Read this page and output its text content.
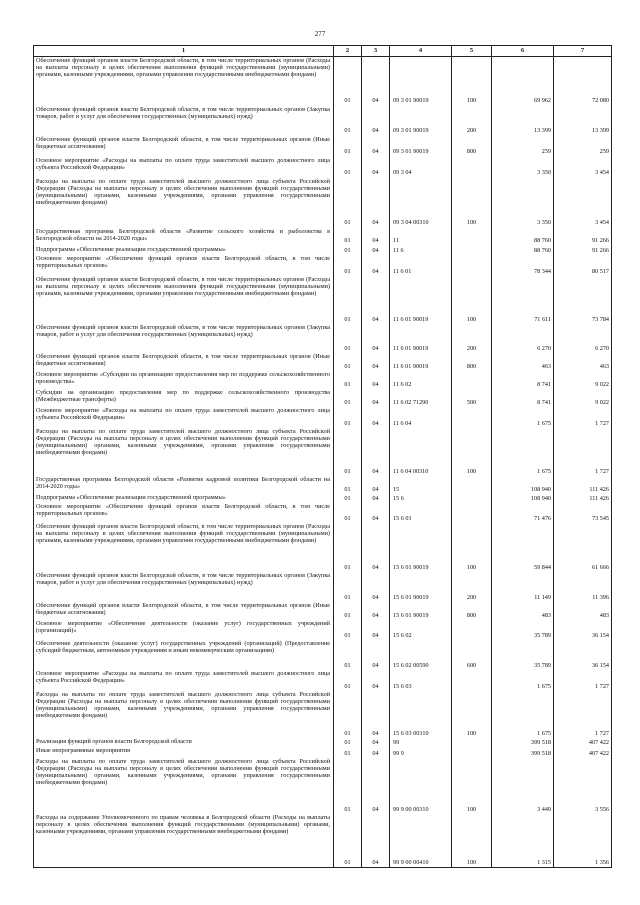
277
1	2	3	4	5	6	7
Обеспечение функций органов власти Белгородской области, в том числе территориальных органов (Расходы на выплаты персоналу в целях обеспечения выполнения функций государственными (муниципальными) органами, казенными учреждениями, органами управления государственными внебюджетными фондами)	01	04	09 3 01 90019	100	69 962	72 080
Обеспечение функций органов власти Белгородской области, в том числе территориальных органов (Закупка товаров, работ и услуг для обеспечения государственных (муниципальных) нужд)	01	04	09 3 01 90019	200	13 399	13 399
Обеспечение функций органов власти Белгородской области, в том числе территориальных органов (Иные бюджетные ассигнования)	01	04	09 3 01 90019	800	259	259
Основное мероприятие «Расходы на выплаты по оплате труда заместителей высшего должностного лица субъекта Российской Федерации»	01	04	09 3 04		3 350	3 454
Расходы на выплаты по оплате труда заместителей высшего должностного лица субъекта Российской Федерации (Расходы на выплаты персоналу в целях обеспечения выполнения функций государственными (муниципальными) органами, казенными учреждениями, органами управления государственными внебюджетными фондами)	01	04	09 3 04 00310	100	3 350	3 454
Государственная программа Белгородской области «Развитие сельского хозяйства и рыболовства в Белгородской области на 2014-2020 годы»	01	04	11		88 760	91 266
Подпрограмма «Обеспечение реализации государственной программы»	01	04	11 6		88 760	91 266
Основное мероприятие «Обеспечение функций органов власти Белгородской области, в том числе территориальных органов»	01	04	11 6 01		78 344	80 517
Обеспечение функций органов власти Белгородской области, в том числе территориальных органов (Расходы на выплаты персоналу в целях обеспечения выполнения функций государственными (муниципальными) органами, казенными учреждениями, органами управления государственными внебюджетными фондами)	01	04	11 6 01 90019	100	71 611	73 784
Обеспечение функций органов власти Белгородской области, в том числе территориальных органов (Закупка товаров, работ и услуг для обеспечения государственных (муниципальных) нужд)	01	04	11 6 01 90019	200	6 270	6 270
Обеспечение функций органов власти Белгородской области, в том числе территориальных органов (Иные бюджетные ассигнования)	01	04	11 6 01 90019	800	463	463
Основное мероприятие «Субсидии на организацию предоставления мер по поддержке сельскохозяйственного производства»	01	04	11 6 02		8 741	9 022
Субсидии на организацию предоставления мер по поддержке сельскохозяйственного производства (Межбюджетные трансферты)	01	04	11 6 02 71290	500	8 741	9 022
Основное мероприятие «Расходы на выплаты по оплате труда заместителей высшего должностного лица субъекта Российской Федерации»	01	04	11 6 04		1 675	1 727
Расходы на выплаты по оплате труда заместителей высшего должностного лица субъекта Российской Федерации (Расходы на выплаты персоналу в целях обеспечения выполнения функций государственными (муниципальными) органами, казенными учреждениями, органами управления государственными внебюджетными фондами)	01	04	11 6 04 00310	100	1 675	1 727
Государственная программа Белгородской области «Развитие кадровой политики Белгородской области на 2014-2020 годы»	01	04	15		108 940	111 426
Подпрограмма «Обеспечение реализации государственной программы»	01	04	15 6		108 940	111 426
Основное мероприятие «Обеспечение функций органов власти Белгородской области, в том числе территориальных органов»	01	04	15 6 01		71 476	73 545
Обеспечение функций органов власти Белгородской области, в том числе территориальных органов (Расходы на выплаты персоналу в целях обеспечения выполнения функций государственными (муниципальными) органами, казенными учреждениями, органами управления государственными внебюджетными фондами)	01	04	15 6 01 90019	100	59 844	61 666
Обеспечение функций органов власти Белгородской области, в том числе территориальных органов (Закупка товаров, работ и услуг для обеспечения государственных (муниципальных) нужд)	01	04	15 6 01 90019	200	11 149	11 396
Обеспечение функций органов власти Белгородской области, в том числе территориальных органов (Иные бюджетные ассигнования)	01	04	15 6 01 90019	800	483	483
Основное мероприятие «Обеспечение деятельности (оказание услуг) государственных учреждений (организаций)»	01	04	15 6 02		35 789	36 154
Обеспечение деятельности (оказание услуг) государственных учреждений (организаций) (Предоставление субсидий бюджетным, автономным учреждениям и иным некоммерческим организациям)	01	04	15 6 02 00590	600	35 789	36 154
Основное мероприятие «Расходы на выплаты по оплате труда заместителей высшего должностного лица субъекта Российской Федерации»	01	04	15 6 03		1 675	1 727
Расходы на выплаты по оплате труда заместителей высшего должностного лица субъекта Российской Федерации (Расходы на выплаты персоналу в целях обеспечения выполнения функций государственными (муниципальными) органами, казенными учреждениями, органами управления государственными внебюджетными фондами)	01	04	15 6 03 00310	100	1 675	1 727
Реализация функций органов власти Белгородской области	01	04	99		399 518	407 422
Иные непрограммные мероприятия	01	04	99 9		399 518	407 422
Расходы на выплаты по оплате труда заместителей высшего должностного лица субъекта Российской Федерации (Расходы на выплаты персоналу в целях обеспечения выполнения функций государственными (муниципальными) органами, казенными учреждениями, органами управления государственными внебюджетными фондами)	01	04	99 9 00 00310	100	3 449	3 556
Расходы на содержание Уполномоченного по правам человека в Белгородской области (Расходы на выплаты персоналу в целях обеспечения выполнения функций государственными (муниципальными) органами, казенными учреждениями, органами управления государственными внебюджетными фондами)	01	04	99 9 00 00410	100	1 315	1 356
